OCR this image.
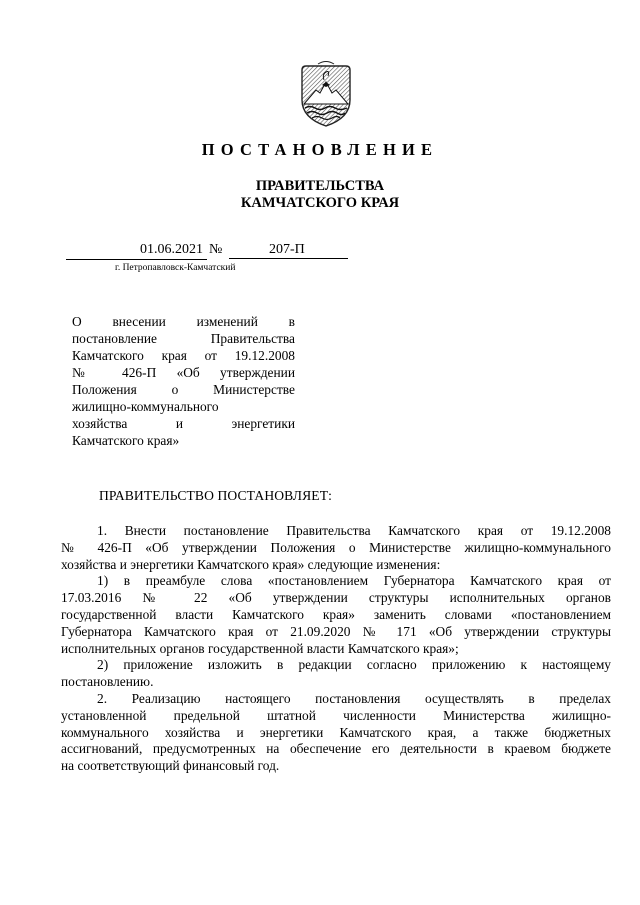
ПОСТАНОВЛЕНИЕ
ПРАВИТЕЛЬСТВА
КАМЧАТСКОГО КРАЯ
01.06.2021 №	207-П
г. Петропавловск-Камчатский
О внесении изменений в
постановление Правительства
Камчатского края от 19.12.2008
№ 426-П «Об утверждении
Положения о Министерстве
жилищно-коммунального
хозяйства и энергетики
Камчатского края»
ПРАВИТЕЛЬСТВО ПОСТАНОВЛЯЕТ:

1. Внести постановление Правительства Камчатского края от 19.12.2008
№ 426-П «Об утверждении Положения о Министерстве жилищно-коммунального
хозяйства и энергетики Камчатского края» следующие изменения:

1) в преамбуле слова «постановлением Губернатора Камчатского края от
17.03.2016 № 22 «Об утверждении структуры исполнительных органов
государственной власти Камчатского края» заменить словами «постановлением
Губернатора Камчатского края от 21.09.2020 № 171 «Об утверждении структуры
исполнительных органов государственной власти Камчатского края»;

2) приложение изложить в редакции согласно приложению к настоящему
постановлению.

2. Реализацию настоящего постановления осуществлять в пределах
установленной предельной штатной численности Министерства жилищно-
коммунального хозяйства и энергетики Камчатского края, а также бюджетных
ассигнований, предусмотренных на обеспечение его деятельности в краевом бюджете
на соответствующий финансовый год.
